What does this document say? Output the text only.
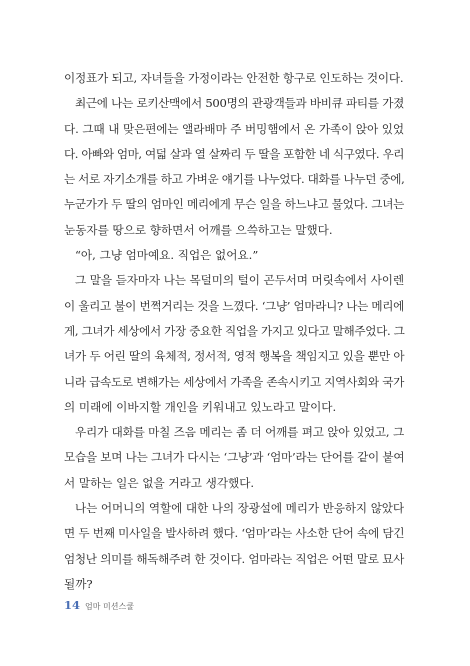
이정표가 되고, 자녀들을 가정이라는 안전한 항구로 인도하는 것이다.
최근에 나는 로키산맥에서 500명의 관광객들과 바비큐 파티를 가졌
다. 그때 내 맞은편에는 앨라배마 주 버밍햄에서 온 가족이 앉아 있었
다. 아빠와 엄마, 여덟 살과 열 살짜리 두 딸을 포함한 네 식구였다. 우리
는 서로 자기소개를 하고 가벼운 얘기를 나누었다. 대화를 나누던 중에,
누군가가 두 딸의 엄마인 메리에게 무슨 일을 하느냐고 물었다. 그녀는
눈동자를 땅으로 향하면서 어깨를 으쓱하고는 말했다.
“아, 그냥 엄마예요. 직업은 없어요.”
그 말을 듣자마자 나는 목덜미의 털이 곤두서며 머릿속에서 사이렌
이 울리고 불이 번쩍거리는 것을 느꼈다. ‘그냥’ 엄마라니? 나는 메리에
게, 그녀가 세상에서 가장 중요한 직업을 가지고 있다고 말해주었다. 그
녀가 두 어린 딸의 육체적, 정서적, 영적 행복을 책임지고 있을 뿐만 아
니라 급속도로 변해가는 세상에서 가족을 존속시키고 지역사회와 국가
의 미래에 이바지할 개인을 키워내고 있노라고 말이다.
우리가 대화를 마칠 즈음 메리는 좀 더 어깨를 펴고 앉아 있었고, 그
모습을 보며 나는 그녀가 다시는 ‘그냥’과 ‘엄마’라는 단어를 같이 붙여
서 말하는 일은 없을 거라고 생각했다.
나는 어머니의 역할에 대한 나의 장광설에 메리가 반응하지 않았다
면 두 번째 미사일을 발사하려 했다. ‘엄마’라는 사소한 단어 속에 담긴
엄청난 의미를 해독해주려 한 것이다. 엄마라는 직업은 어떤 말로 묘사
될까?
14 엄마 미션스쿨
